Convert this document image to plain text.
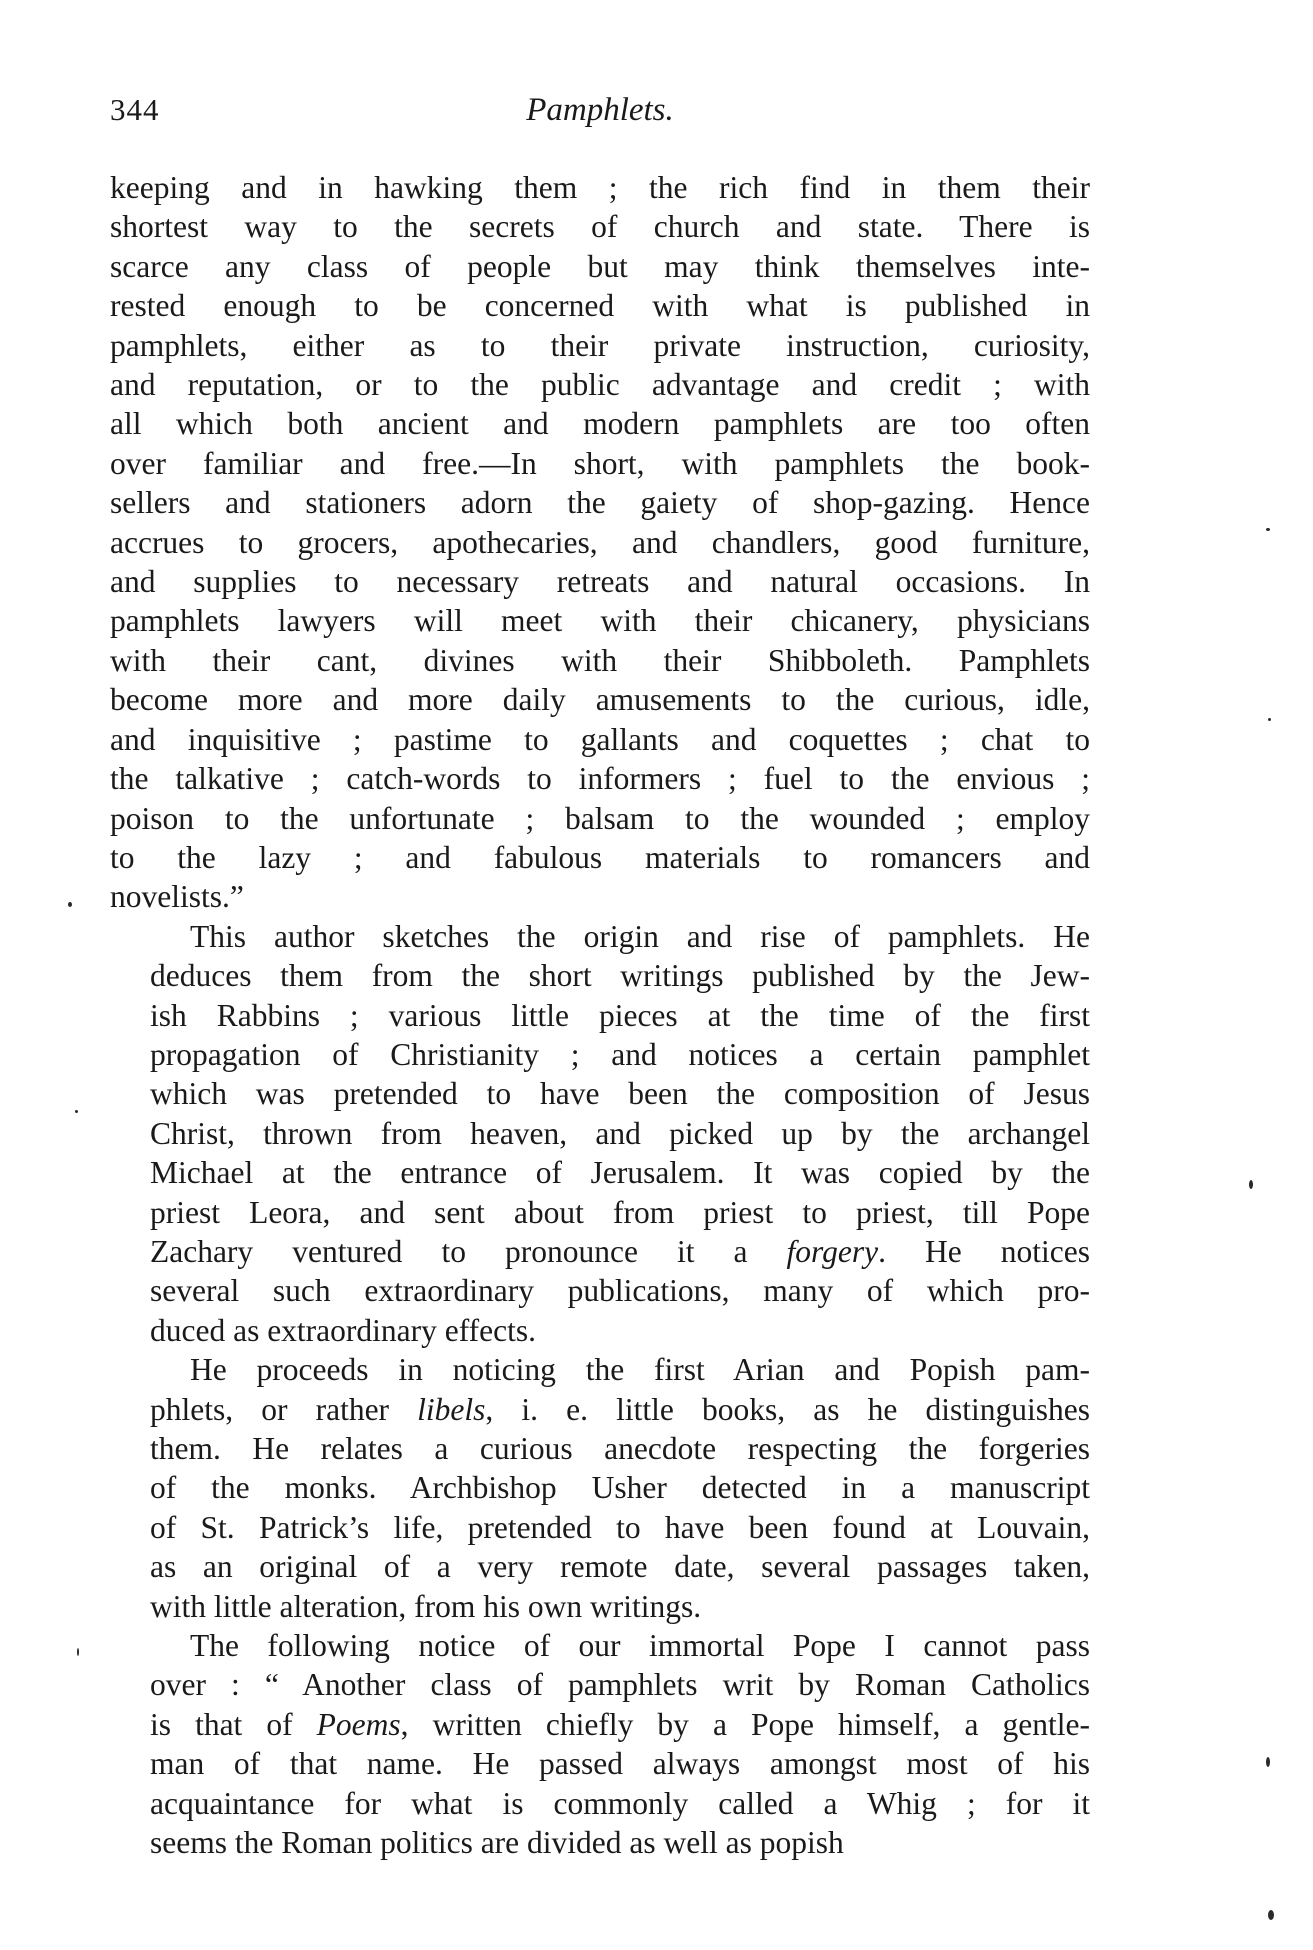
344	Pamphlets.

keeping and in hawking them ; the rich find in them their
shortest way to the secrets of church and state. There is
scarce any class of people but may think themselves inte-
rested enough to be concerned with what is published in
pamphlets, either as to their private instruction, curiosity,
and reputation, or to the public advantage and credit ; with
all which both ancient and modern pamphlets are too often
over familiar and free.—In short, with pamphlets the book-
sellers and stationers adorn the gaiety of shop-gazing. Hence
accrues to grocers, apothecaries, and chandlers, good furniture,
and supplies to necessary retreats and natural occasions. In
pamphlets lawyers will meet with their chicanery, physicians
with their cant, divines with their Shibboleth. Pamphlets
become more and more daily amusements to the curious, idle,
and inquisitive ; pastime to gallants and coquettes ; chat to
the talkative ; catch-words to informers ; fuel to the envious ;
poison to the unfortunate ; balsam to the wounded ; employ
to the lazy ; and fabulous materials to romancers and
novelists.”

This author sketches the origin and rise of pamphlets. He
deduces them from the short writings published by the Jew-
ish Rabbins ; various little pieces at the time of the first
propagation of Christianity ; and notices a certain pamphlet
which was pretended to have been the composition of Jesus
Christ, thrown from heaven, and picked up by the archangel
Michael at the entrance of Jerusalem. It was copied by the
priest Leora, and sent about from priest to priest, till Pope
Zachary ventured to pronounce it a forgery. He notices
several such extraordinary publications, many of which pro-
duced as extraordinary effects.

He proceeds in noticing the first Arian and Popish pam-
phlets, or rather libels, i. e. little books, as he distinguishes
them. He relates a curious anecdote respecting the forgeries
of the monks. Archbishop Usher detected in a manuscript
of St. Patrick’s life, pretended to have been found at Louvain,
as an original of a very remote date, several passages taken,
with little alteration, from his own writings.

The following notice of our immortal Pope I cannot pass
over : “ Another class of pamphlets writ by Roman Catholics
is that of Poems, written chiefly by a Pope himself, a gentle-
man of that name. He passed always amongst most of his
acquaintance for what is commonly called a Whig ; for it
seems the Roman politics are divided as well as popish
